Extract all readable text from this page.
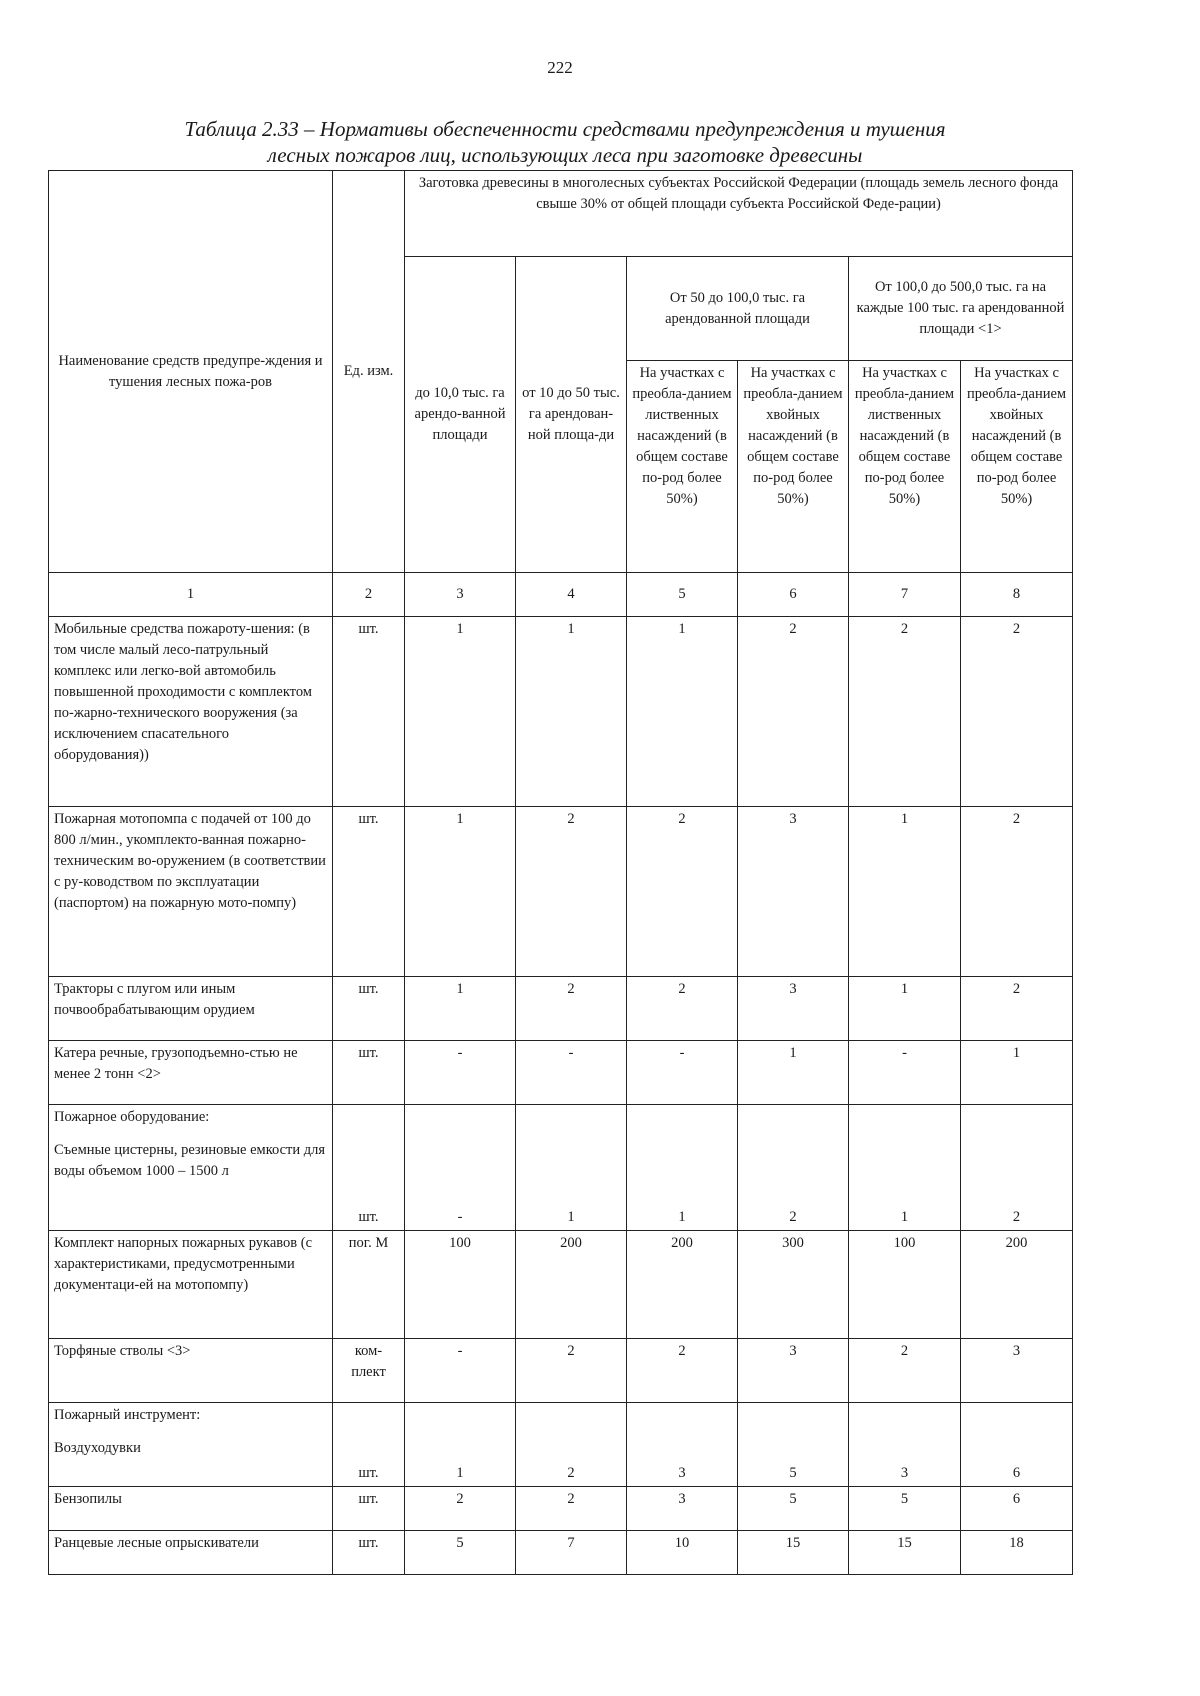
222
Таблица 2.33 – Нормативы обеспеченности средствами предупреждения и тушения
лесных пожаров лиц, использующих леса при заготовке древесины
Наименование средств предупре-ждения и тушения лесных пожа-ров	Ед. изм.	Заготовка древесины в многолесных субъектах Российской Федерации (площадь земель лесного фонда свыше 30% от общей площади субъекта Российской Феде-рации)					
		до 10,0 тыс. га арендо-ванной площади	от 10 до 50 тыс. га арендован-ной площа-ди	От 50 до 100,0 тыс. га арендованной площади		От 100,0 до 500,0 тыс. га на каждые 100 тыс. га арендованной площади <1>	
				На участках с преобла-данием лиственных насаждений (в общем составе по-род более 50%)	На участках с преобла-данием хвойных насаждений (в общем составе по-род более 50%)	На участках с преобла-данием лиственных насаждений (в общем составе по-род более 50%)	На участках с преобла-данием хвойных насаждений (в общем составе по-род более 50%)
1	2	3	4	5	6	7	8

Мобильные средства пожароту-шения: (в том числе малый лесо-патрульный комплекс или легко-вой автомобиль повышенной проходимости с комплектом по-жарно-технического вооружения (за исключением спасательного оборудования))	шт.	1	1	1	2	2	2

Пожарная мотопомпа с подачей от 100 до 800 л/мин., укомплекто-ванная пожарно-техническим во-оружением (в соответствии с ру-ководством по эксплуатации (паспортом) на пожарную мото-помпу)	шт.	1	2	2	3	1	2

Тракторы с плугом или иным почвообрабатывающим орудием	шт.	1	2	2	3	1	2

Катера речные, грузоподъемно-стью не менее 2 тонн <2>	шт.	-	-	-	1	-	1

Пожарное оборудование:
Съемные цистерны, резиновые емкости для воды объемом 1000 – 1500 л	шт.	-	1	1	2	1	2

Комплект напорных пожарных рукавов (с характеристиками, предусмотренными документаци-ей на мотопомпу)	пог. М	100	200	200	300	100	200

Торфяные стволы <3>	ком-плект	-	2	2	3	2	3

Пожарный инструмент:
Воздуходувки	шт.	1	2	3	5	3	6

Бензопилы	шт.	2	2	3	5	5	6

Ранцевые лесные опрыскиватели	шт.	5	7	10	15	15	18
